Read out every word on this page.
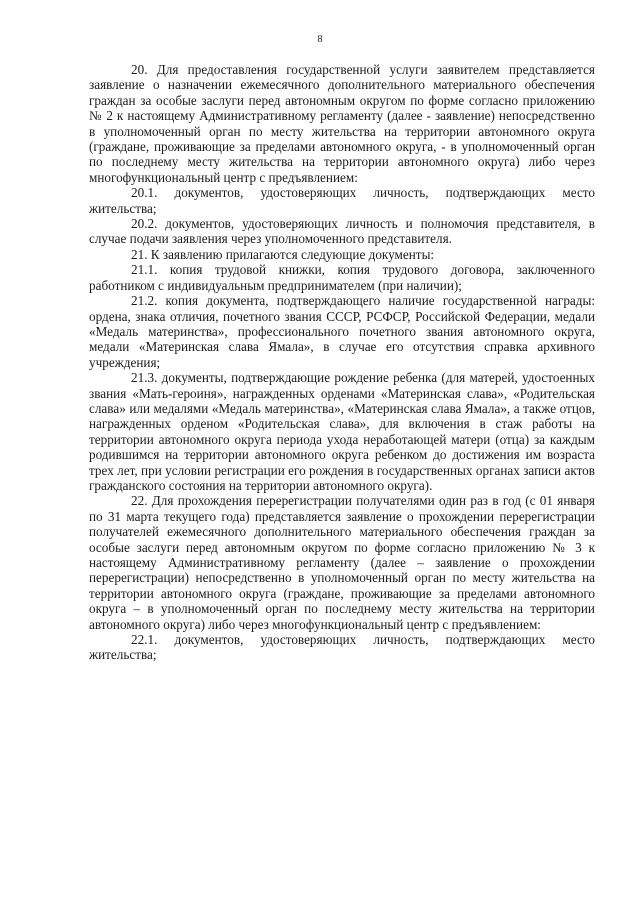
8

20. Для предоставления государственной услуги заявителем представляется заявление о назначении ежемесячного дополнительного материального обеспечения граждан за особые заслуги перед автономным округом по форме согласно приложению № 2 к настоящему Административному регламенту (далее - заявление) непосредственно в уполномоченный орган по месту жительства на территории автономного округа (граждане, проживающие за пределами автономного округа, - в уполномоченный орган по последнему месту жительства на территории автономного округа) либо через многофункциональный центр с предъявлением:

20.1. документов, удостоверяющих личность, подтверждающих место жительства;

20.2. документов, удостоверяющих личность и полномочия представителя, в случае подачи заявления через уполномоченного представителя.

21. К заявлению прилагаются следующие документы:

21.1. копия трудовой книжки, копия трудового договора, заключенного работником с индивидуальным предпринимателем (при наличии);

21.2. копия документа, подтверждающего наличие государственной награды: ордена, знака отличия, почетного звания СССР, РСФСР, Российской Федерации, медали «Медаль материнства», профессионального почетного звания автономного округа, медали «Материнская слава Ямала», в случае его отсутствия справка архивного учреждения;

21.3. документы, подтверждающие рождение ребенка (для матерей, удостоенных звания «Мать-героиня», награжденных орденами «Материнская слава», «Родительская слава» или медалями «Медаль материнства», «Материнская слава Ямала», а также отцов, награжденных орденом «Родительская слава», для включения в стаж работы на территории автономного округа периода ухода неработающей матери (отца) за каждым родившимся на территории автономного округа ребенком до достижения им возраста трех лет, при условии регистрации его рождения в государственных органах записи актов гражданского состояния на территории автономного округа).

22. Для прохождения перерегистрации получателями один раз в год (с 01 января по 31 марта текущего года) представляется заявление о прохождении перерегистрации получателей ежемесячного дополнительного материального обеспечения граждан за особые заслуги перед автономным округом по форме согласно приложению № 3 к настоящему Административному регламенту (далее – заявление о прохождении перерегистрации) непосредственно в уполномоченный орган по месту жительства на территории автономного округа (граждане, проживающие за пределами автономного округа – в уполномоченный орган по последнему месту жительства на территории автономного округа) либо через многофункциональный центр с предъявлением:

22.1. документов, удостоверяющих личность, подтверждающих место жительства;
